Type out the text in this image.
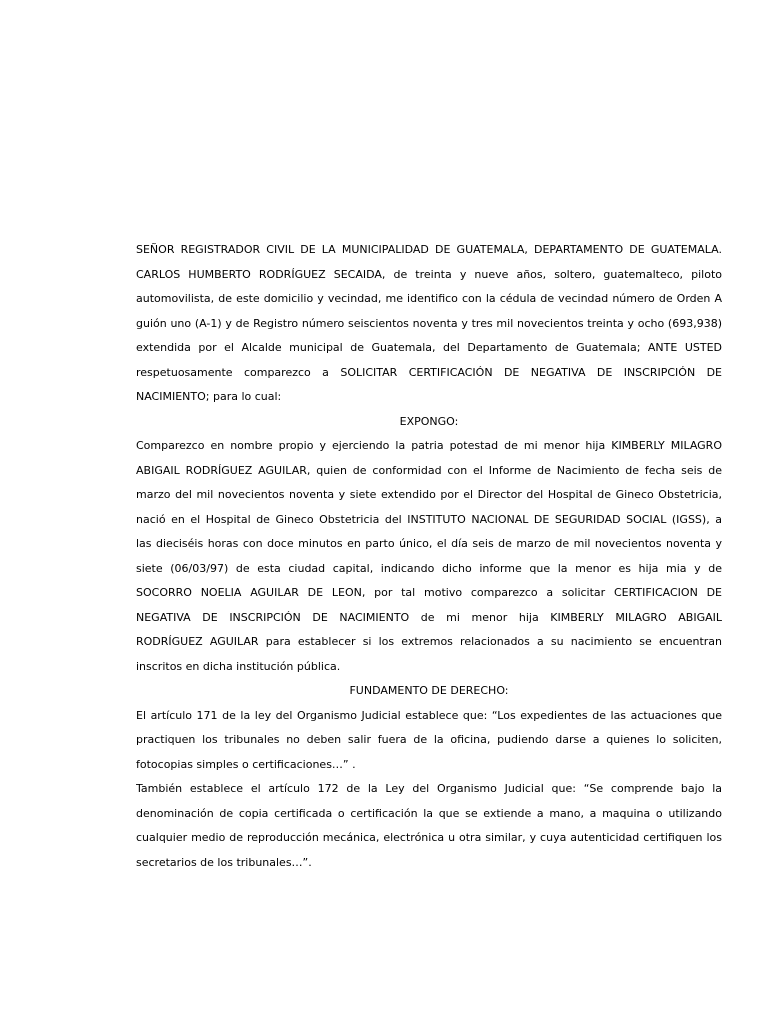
SEÑOR REGISTRADOR CIVIL DE LA MUNICIPALIDAD DE GUATEMALA, DEPARTAMENTO DE GUATEMALA.
CARLOS HUMBERTO RODRÍGUEZ SECAIDA, de treinta y nueve años, soltero, guatemalteco, piloto
automovilista, de este domicilio y vecindad, me identifico con la cédula de vecindad número de Orden A
guión uno (A-1) y de Registro número seiscientos noventa y tres mil novecientos treinta y ocho (693,938)
extendida por el Alcalde municipal de Guatemala, del Departamento de Guatemala; ANTE USTED
respetuosamente comparezco a SOLICITAR CERTIFICACIÓN DE NEGATIVA DE INSCRIPCIÓN DE
NACIMIENTO; para lo cual:
EXPONGO:
Comparezco en nombre propio y ejerciendo la patria potestad de mi menor hija KIMBERLY MILAGRO
ABIGAIL RODRÍGUEZ AGUILAR, quien de conformidad con el Informe de Nacimiento de fecha seis de
marzo del mil novecientos noventa y siete extendido por el Director del Hospital de Gineco Obstetricia,
nació en el Hospital de Gineco Obstetricia del INSTITUTO NACIONAL DE SEGURIDAD SOCIAL (IGSS), a
las dieciséis horas con doce minutos en parto único, el día seis de marzo de mil novecientos noventa y
siete (06/03/97) de esta ciudad capital, indicando dicho informe que la menor es hija mia y de
SOCORRO NOELIA AGUILAR DE LEON, por tal motivo comparezco a solicitar CERTIFICACION DE
NEGATIVA DE INSCRIPCIÓN DE NACIMIENTO de mi menor hija KIMBERLY MILAGRO ABIGAIL
RODRÍGUEZ AGUILAR para establecer si los extremos relacionados a su nacimiento se encuentran
inscritos en dicha institución pública.
FUNDAMENTO DE DERECHO:
El artículo 171 de la ley del Organismo Judicial establece que: “Los expedientes de las actuaciones que
practiquen los tribunales no deben salir fuera de la oficina, pudiendo darse a quienes lo soliciten,
fotocopias simples o certificaciones…” .
También establece el artículo 172 de la Ley del Organismo Judicial que: “Se comprende bajo la
denominación de copia certificada o certificación la que se extiende a mano, a maquina o utilizando
cualquier medio de reproducción mecánica, electrónica u otra similar, y cuya autenticidad certifiquen los
secretarios de los tribunales…”.
